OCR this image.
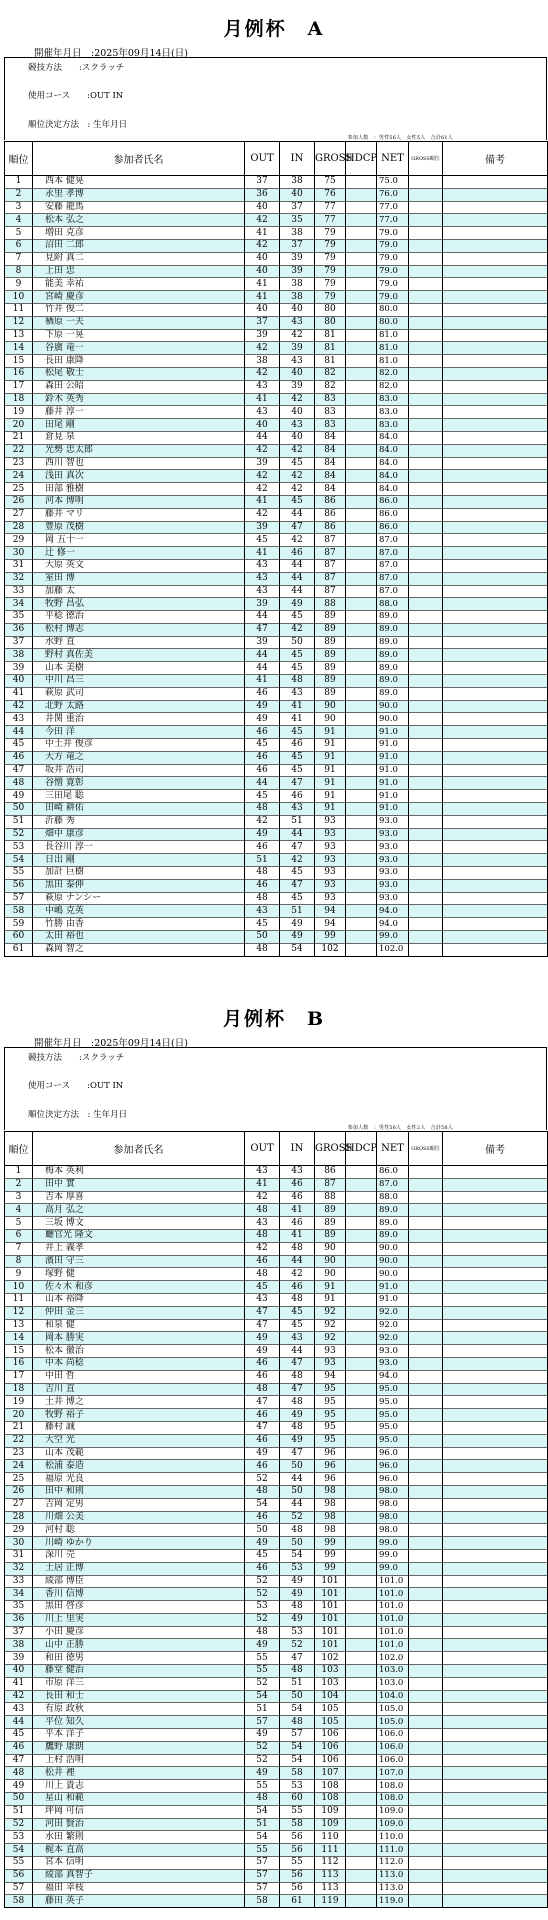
月例杯　A
開催年月日　:2025年09月14日(日)
競技方法　　:スクラッチ
使用コース　　:OUT IN
順位決定方法　: 生年月日
参加人数　：男性56人　女性5人　合計61人
順位	参加者氏名	OUT	IN	GROSS	HDCP	NET	GROSS順位	備考
1	西本 健晃	37	38	75		75.0		
2	永里 孝博	36	40	76		76.0		
3	安藤 龍馬	40	37	77		77.0		
4	松本 弘之	42	35	77		77.0		
5	増田 克彦	41	38	79		79.0		
6	沼田 二郎	42	37	79		79.0		
7	見附 真二	40	39	79		79.0		
8	上田 忠	40	39	79		79.0		
9	能美 幸祐	41	38	79		79.0		
10	宮崎 慶彦	41	38	79		79.0		
11	竹井 俊二	40	40	80		80.0		
12	楢原 一夫	37	43	80		80.0		
13	下原 一晃	39	42	81		81.0		
14	谷廣 竜一	42	39	81		81.0		
15	長田 康降	38	43	81		81.0		
16	松尾 敬士	42	40	82		82.0		
17	森田 公昭	43	39	82		82.0		
18	鈴木 英秀	41	42	83		83.0		
19	藤井 淳一	43	40	83		83.0		
20	田尾 剛	40	43	83		83.0		
21	倉見 泉	44	40	84		84.0		
22	光勢 忠太郎	42	42	84		84.0		
23	西川 智也	39	45	84		84.0		
24	浅田 真次	42	42	84		84.0		
25	田部 雅樹	42	42	84		84.0		
26	河本 博明	41	45	86		86.0		
27	藤井 マリ	42	44	86		86.0		
28	豊原 茂樹	39	47	86		86.0		
29	岡 五十一	45	42	87		87.0		
30	辻 修一	41	46	87		87.0		
31	大原 英文	43	44	87		87.0		
32	室田 博	43	44	87		87.0		
33	加藤 太	43	44	87		87.0		
34	牧野 昌弘	39	49	88		88.0		
35	平稔 徳治	44	45	89		89.0		
36	松村 博志	47	42	89		89.0		
37	水野 直	39	50	89		89.0		
38	野村 真佐美	44	45	89		89.0		
39	山本 美樹	44	45	89		89.0		
40	中川 昌三	41	48	89		89.0		
41	萩原 武司	46	43	89		89.0		
42	北野 太路	49	41	90		90.0		
43	井関 重治	49	41	90		90.0		
44	今田 洋	46	45	91		91.0		
45	中土井 俊彦	45	46	91		91.0		
46	大方 竜之	46	45	91		91.0		
47	坂井 浩司	46	45	91		91.0		
48	谷憎 寛彰	44	47	91		91.0		
49	三田尾 聡	45	46	91		91.0		
50	田崎 耕佑	48	43	91		91.0		
51	沂藤 秀	42	51	93		93.0		
52	畑中 康彦	49	44	93		93.0		
53	長谷川 淳一	46	47	93		93.0		
54	日出 剛	51	42	93		93.0		
55	加計 巨樹	48	45	93		93.0		
56	黒田 泰伸	46	47	93		93.0		
57	萩原 ナンシー	48	45	93		93.0		
58	中嶋 克英	43	51	94		94.0		
59	竹勝 由香	45	49	94		94.0		
60	太田 裕也	50	49	99		99.0		
61	森岡 智之	48	54	102		102.0		
月例杯　B
開催年月日　:2025年09月14日(日)
競技方法　　:スクラッチ
使用コース　　:OUT IN
順位決定方法　: 生年月日
参加人数　：男性56人　女性2人　合計58人
順位	参加者氏名	OUT	IN	GROSS	HDCP	NET	GROSS順位	備考
1	梅本 英利	43	43	86		86.0		
2	田中 實	41	46	87		87.0		
3	吉本 厚喜	42	46	88		88.0		
4	高月 弘之	48	41	89		89.0		
5	三坂 博文	43	46	89		89.0		
6	廳官光 隆文	48	41	89		89.0		
7	井上 義孝	42	48	90		90.0		
8	濱田 守三	46	44	90		90.0		
9	塚野 健	48	42	90		90.0		
10	佐々木 和彦	45	46	91		91.0		
11	山本 裕降	43	48	91		91.0		
12	仲田 金三	47	45	92		92.0		
13	和泉 健	47	45	92		92.0		
14	岡本 勝実	49	43	92		92.0		
15	松本 徹治	49	44	93		93.0		
16	中本 尚稔	46	47	93		93.0		
17	中田 哲	46	48	94		94.0		
18	吉川 直	48	47	95		95.0		
19	土井 博之	47	48	95		95.0		
20	牧野 裕子	46	49	95		95.0		
21	藤村 誠	47	48	95		95.0		
22	大空 光	46	49	95		95.0		
23	山本 茂範	49	47	96		96.0		
24	松浦 泰造	46	50	96		96.0		
25	福原 光良	52	44	96		96.0		
26	田中 和則	48	50	98		98.0		
27	吉岡 定男	54	44	98		98.0		
28	川畑 公美	46	52	98		98.0		
29	河村 聡	50	48	98		98.0		
30	川崎 ゆかり	49	50	99		99.0		
31	深川 売	45	54	99		99.0		
32	土居 正博	46	53	99		99.0		
33	綾部 博臣	52	49	101		101.0		
34	香川 信博	52	49	101		101.0		
35	黒田 啓彦	53	48	101		101.0		
36	川上 里実	52	49	101		101.0		
37	小田 慶彦	48	53	101		101.0		
38	山中 正勝	49	52	101		101.0		
39	和田 徳男	55	47	102		102.0		
40	藤堂 健治	55	48	103		103.0		
41	市原 洋三	52	51	103		103.0		
42	長田 和士	54	50	104		104.0		
43	有原 政秋	51	54	105		105.0		
44	平位 知久	57	48	105		105.0		
45	平本 洋子	49	57	106		106.0		
46	鷹野 康朗	52	54	106		106.0		
47	上村 浩明	52	54	106		106.0		
48	松井 裡	49	58	107		107.0		
49	川上 貴志	55	53	108		108.0		
50	星山 和範	48	60	108		108.0		
51	坪岡 可信	54	55	109		109.0		
52	河田 賢治	51	58	109		109.0		
53	水田 繁則	54	56	110		110.0		
54	梶本 直高	55	56	111		111.0		
55	宮本 信明	57	55	112		112.0		
56	綾部 真智子	57	56	113		113.0		
57	福田 幸枝	57	56	113		113.0		
58	藤田 英子	58	61	119		119.0		
